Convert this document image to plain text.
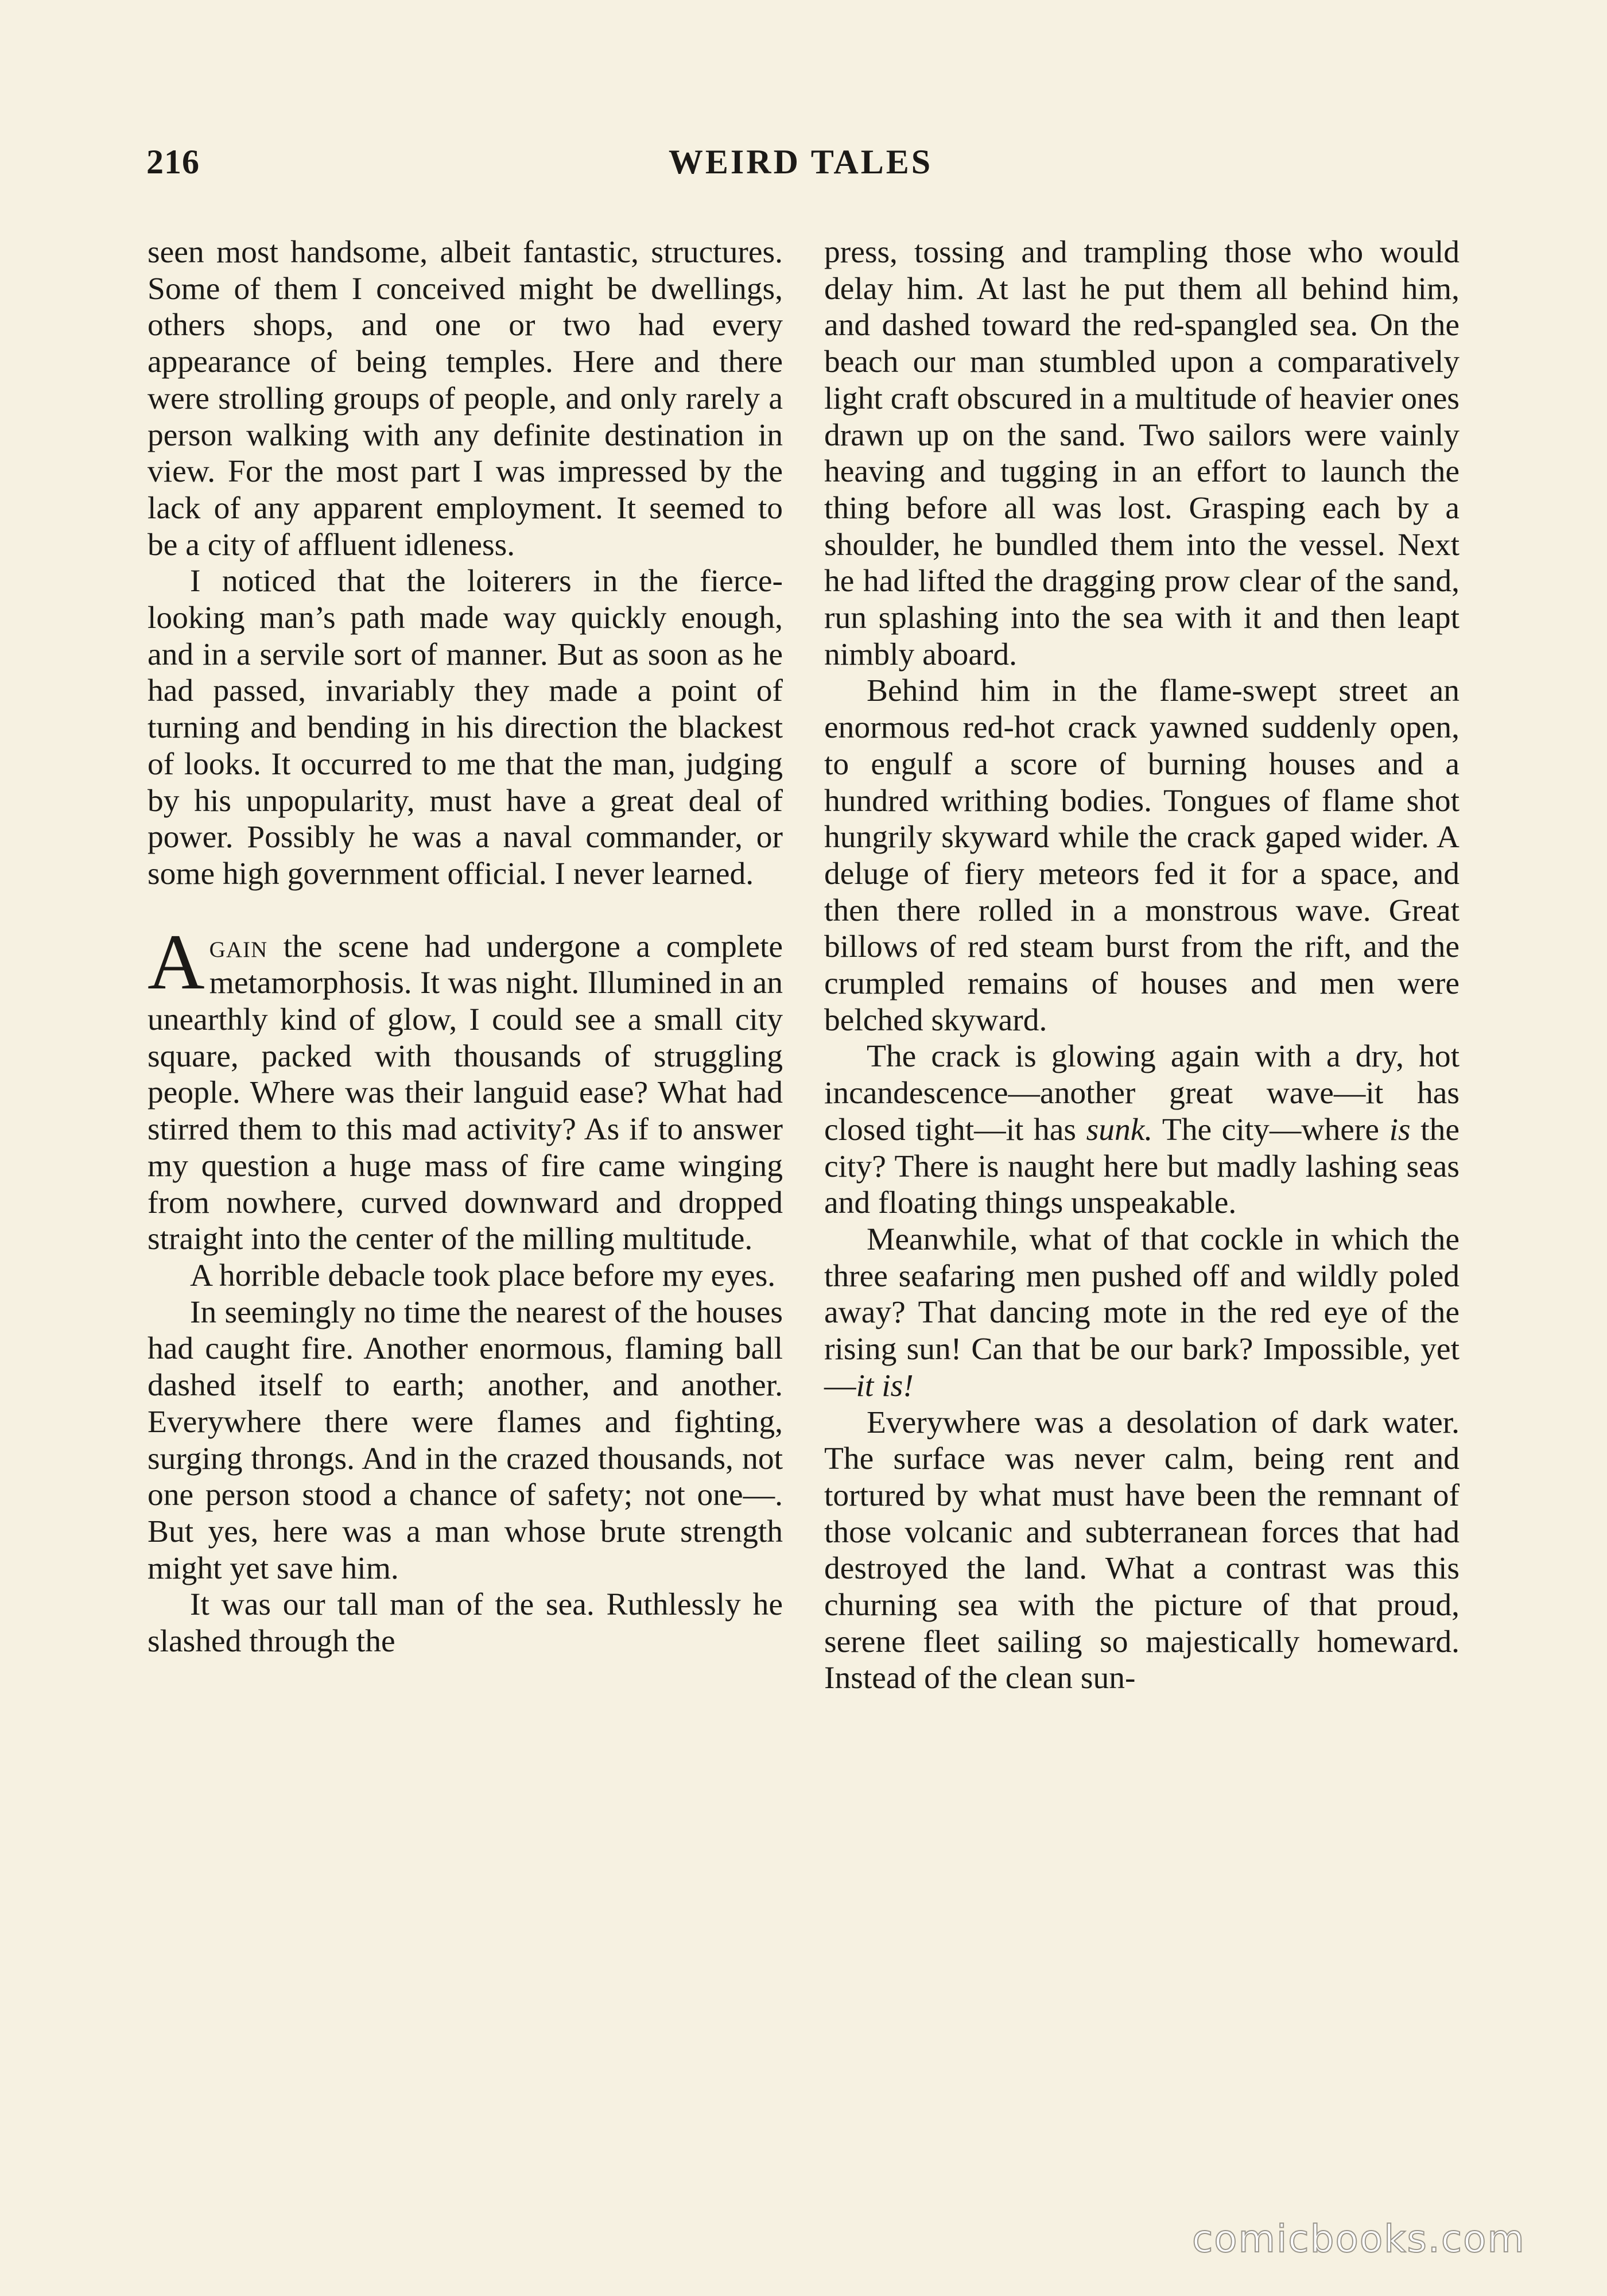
216	WEIRD TALES

seen most handsome, albeit fantastic, structures. Some of them I conceived might be dwellings, others shops, and one or two had every appearance of being temples. Here and there were strolling groups of people, and only rarely a person walking with any definite destination in view. For the most part I was impressed by the lack of any apparent employment. It seemed to be a city of affluent idleness.

I noticed that the loiterers in the fierce-looking man’s path made way quickly enough, and in a servile sort of manner. But as soon as he had passed, invariably they made a point of turning and bending in his direction the blackest of looks. It occurred to me that the man, judging by his unpopularity, must have a great deal of power. Possibly he was a naval commander, or some high government official. I never learned.

Again the scene had undergone a complete metamorphosis. It was night. Illumined in an unearthly kind of glow, I could see a small city square, packed with thousands of struggling people. Where was their languid ease? What had stirred them to this mad activity? As if to answer my question a huge mass of fire came winging from nowhere, curved downward and dropped straight into the center of the milling multitude.

A horrible debacle took place before my eyes.

In seemingly no time the nearest of the houses had caught fire. Another enormous, flaming ball dashed itself to earth; another, and another. Everywhere there were flames and fighting, surging throngs. And in the crazed thousands, not one person stood a chance of safety; not one—. But yes, here was a man whose brute strength might yet save him.

It was our tall man of the sea. Ruthlessly he slashed through the

press, tossing and trampling those who would delay him. At last he put them all behind him, and dashed toward the red-spangled sea. On the beach our man stumbled upon a comparatively light craft obscured in a multitude of heavier ones drawn up on the sand. Two sailors were vainly heaving and tugging in an effort to launch the thing before all was lost. Grasping each by a shoulder, he bundled them into the vessel. Next he had lifted the dragging prow clear of the sand, run splashing into the sea with it and then leapt nimbly aboard.

Behind him in the flame-swept street an enormous red-hot crack yawned suddenly open, to engulf a score of burning houses and a hundred writhing bodies. Tongues of flame shot hungrily skyward while the crack gaped wider. A deluge of fiery meteors fed it for a space, and then there rolled in a monstrous wave. Great billows of red steam burst from the rift, and the crumpled remains of houses and men were belched skyward.

The crack is glowing again with a dry, hot incandescence—another great wave—it has closed tight—it has sunk. The city—where is the city? There is naught here but madly lashing seas and floating things unspeakable.

Meanwhile, what of that cockle in which the three seafaring men pushed off and wildly poled away? That dancing mote in the red eye of the rising sun! Can that be our bark? Impossible, yet—it is!

Everywhere was a desolation of dark water. The surface was never calm, being rent and tortured by what must have been the remnant of those volcanic and subterranean forces that had destroyed the land. What a contrast was this churning sea with the picture of that proud, serene fleet sailing so majestically homeward. Instead of the clean sun-

comicbooks.com
